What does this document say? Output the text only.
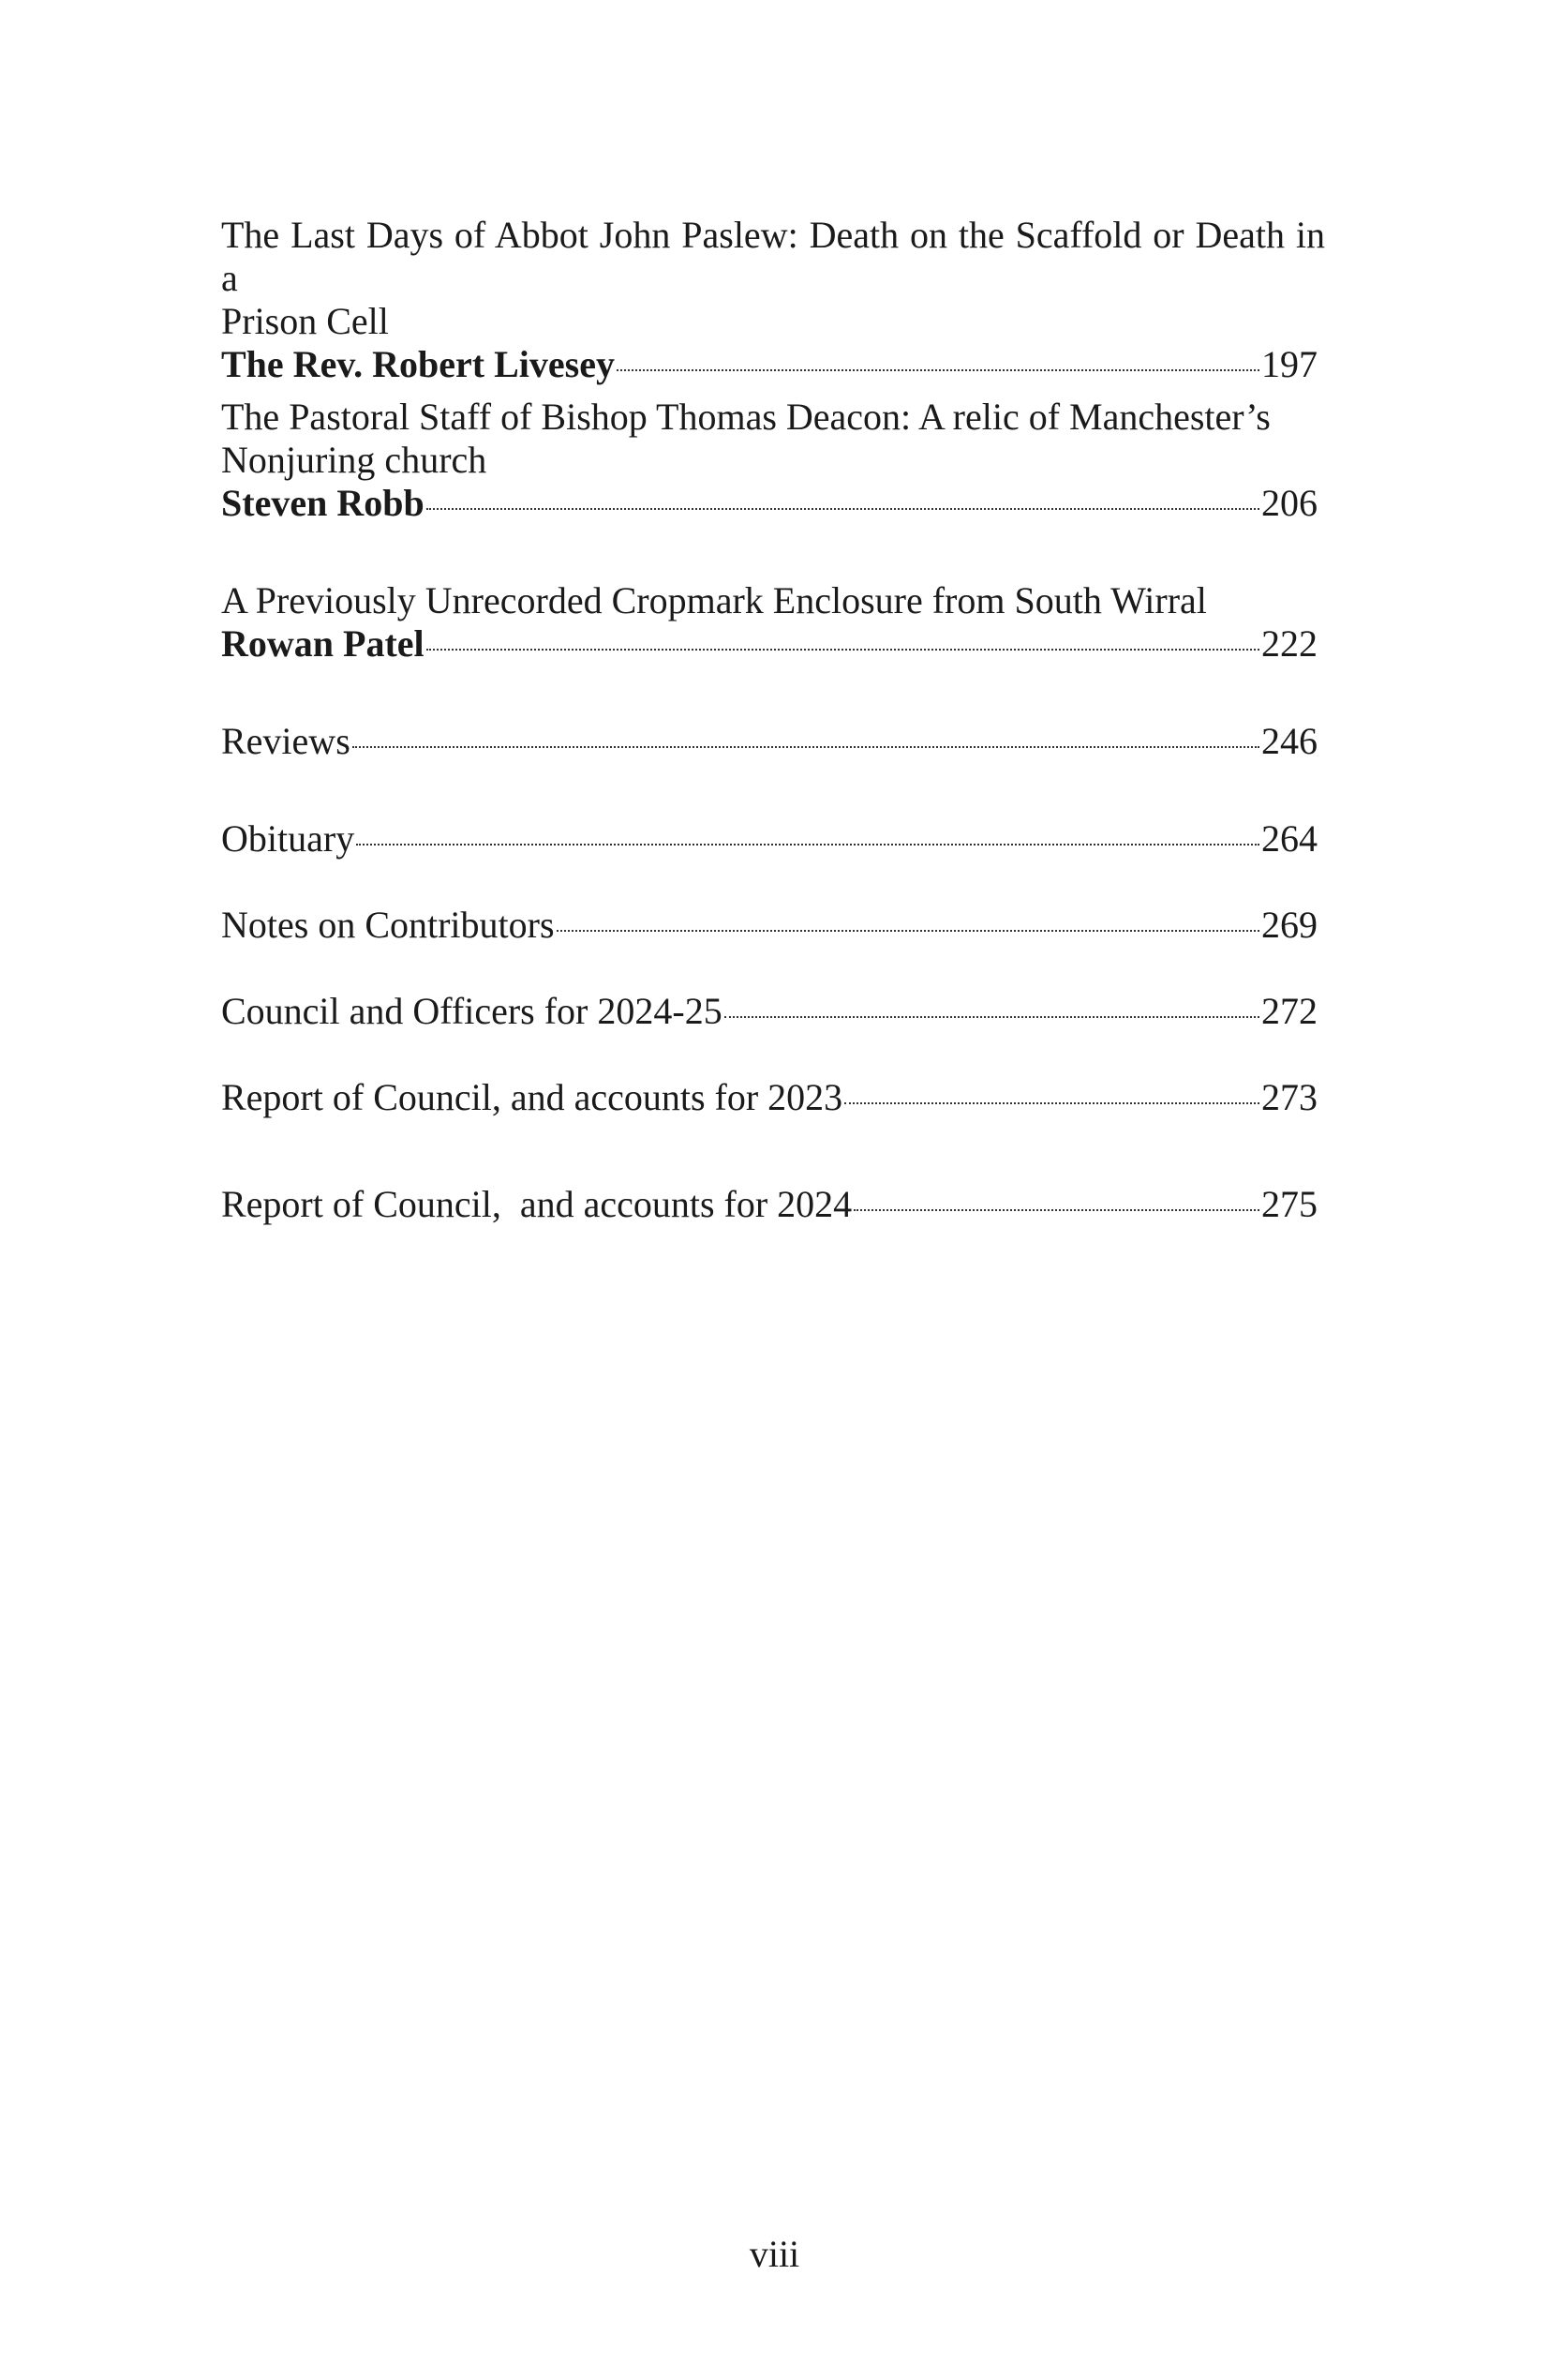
The Last Days of Abbot John Paslew: Death on the Scaffold or Death in a
Prison Cell
The Rev. Robert Livesey	197
The Pastoral Staff of Bishop Thomas Deacon: A relic of Manchester’s
Nonjuring church
Steven Robb	206
A Previously Unrecorded Cropmark Enclosure from South Wirral
Rowan Patel	222
Reviews	246
Obituary	264
Notes on Contributors	269
Council and Officers for 2024-25	272
Report of Council, and accounts for 2023	273
Report of Council,  and accounts for 2024	275
viii
